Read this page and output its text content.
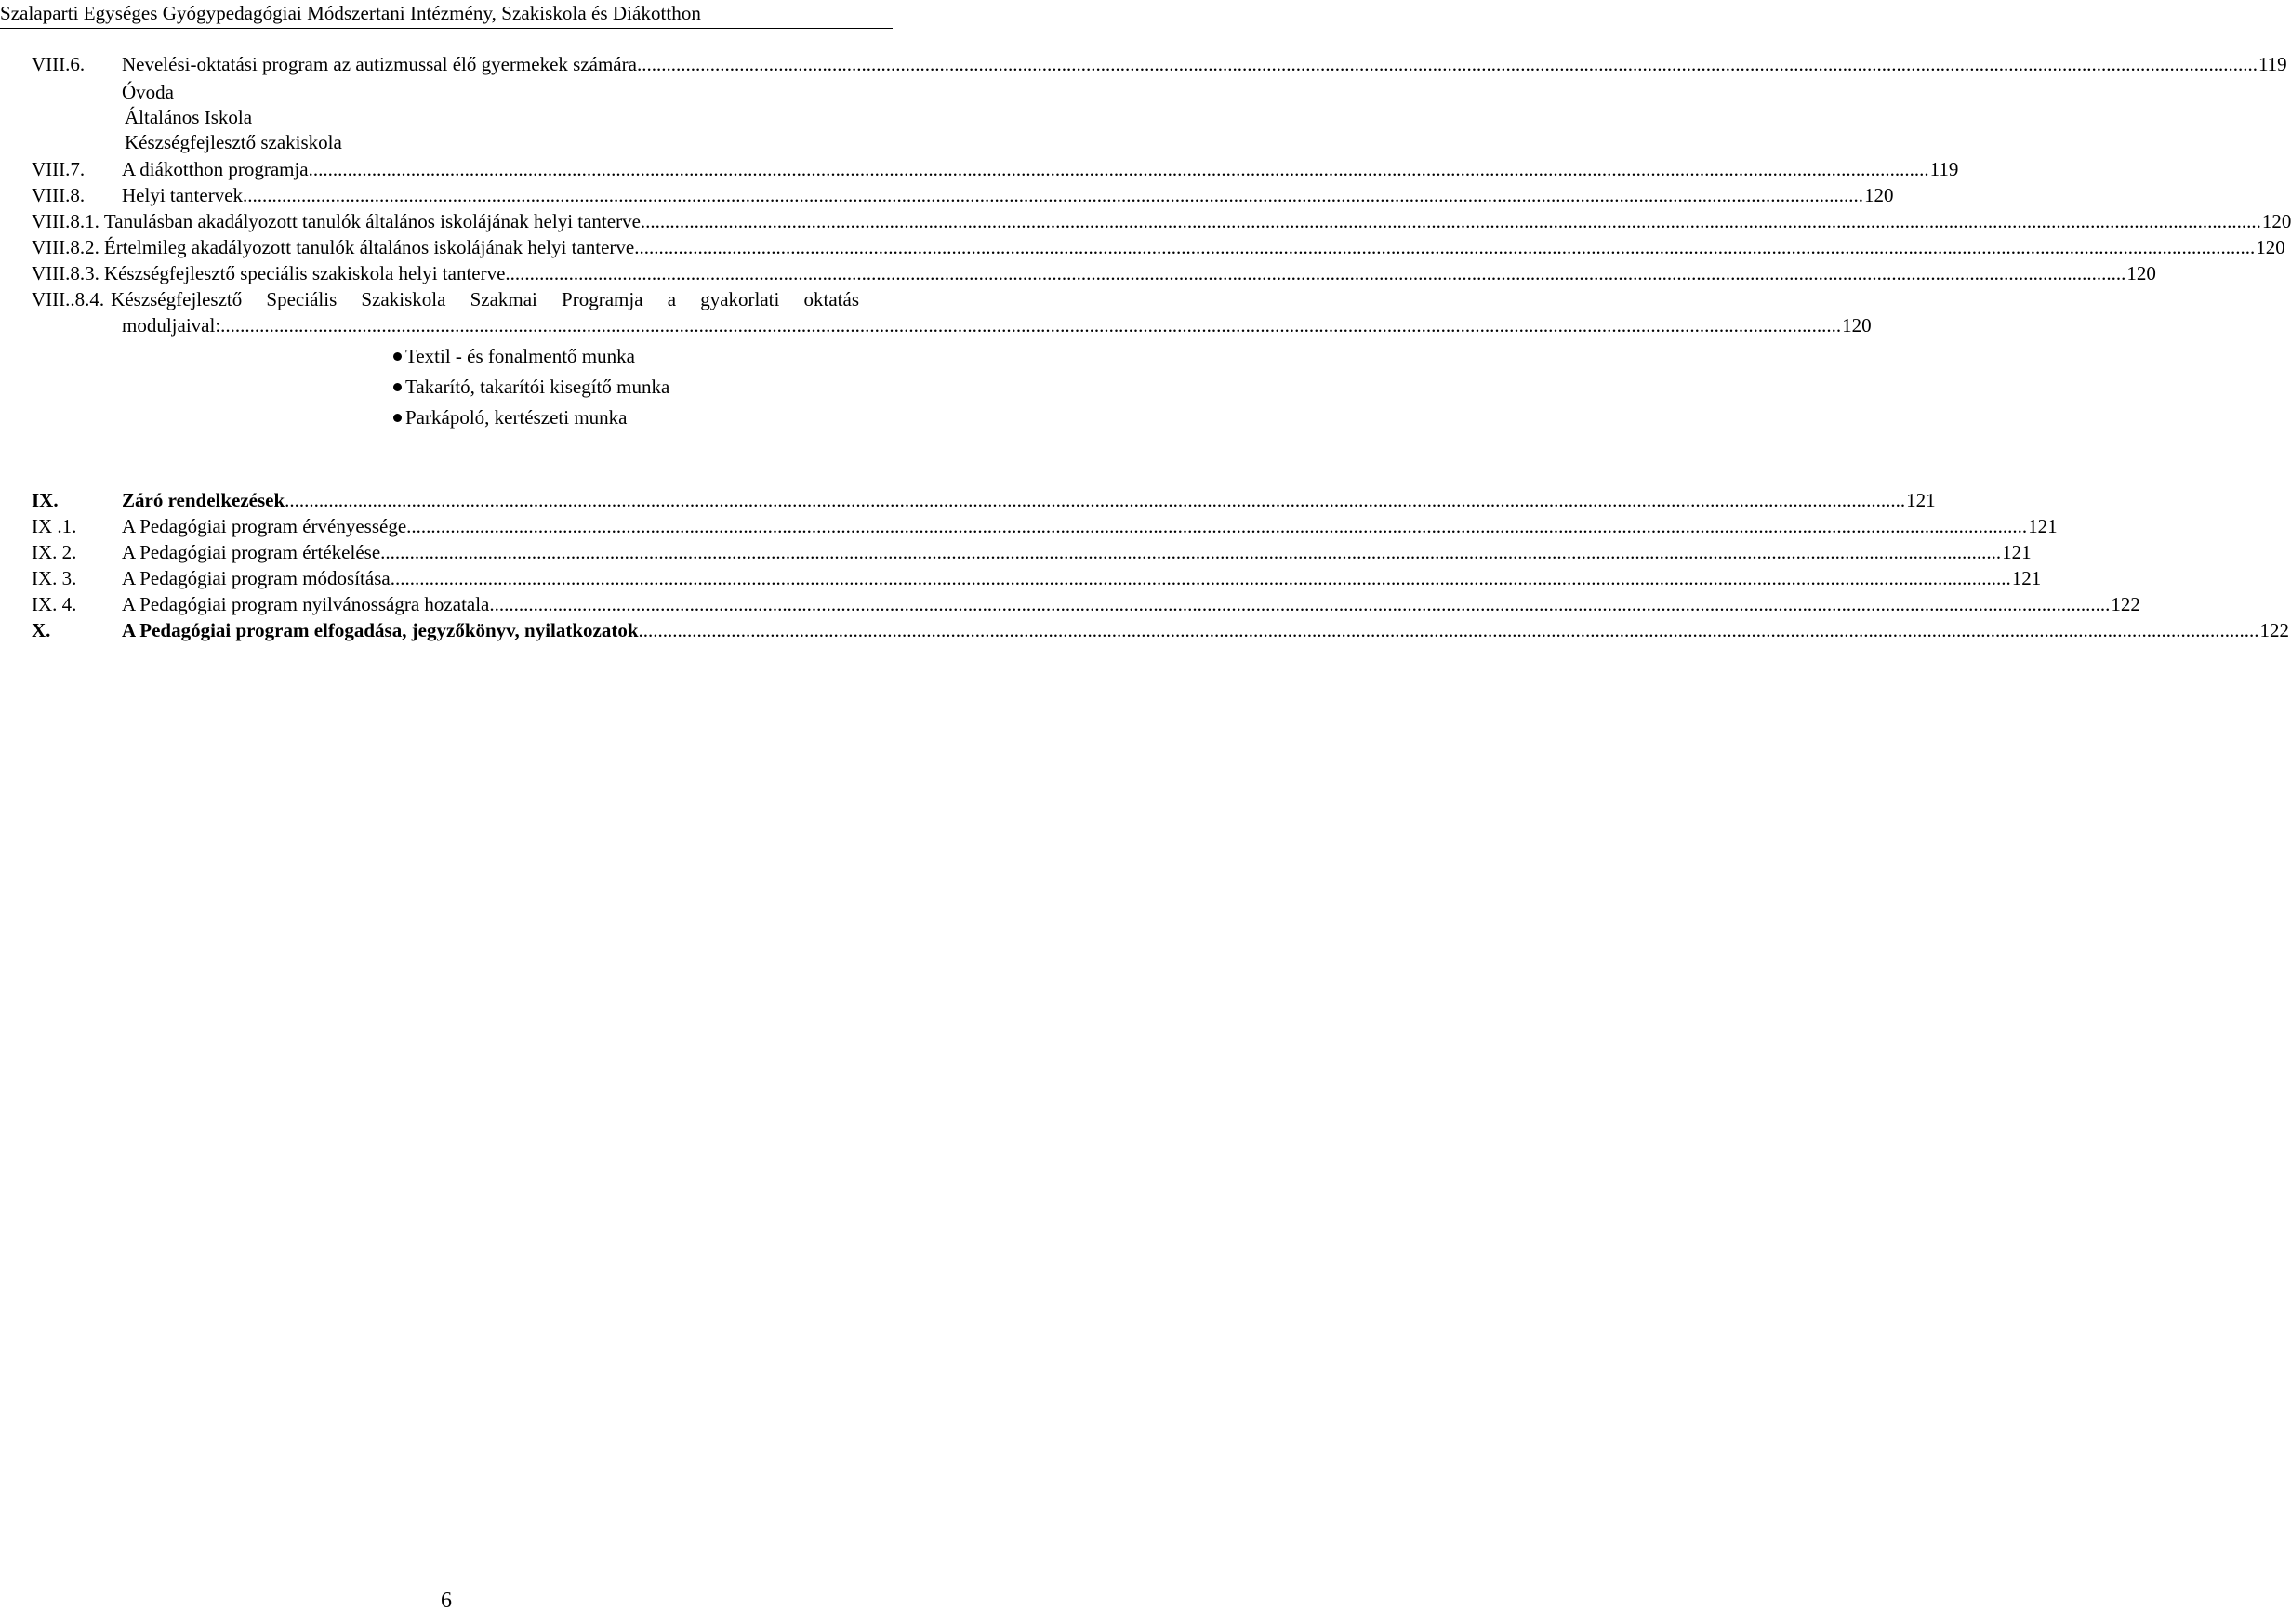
Szalaparti Egységes Gyógypedagógiai Módszertani Intézmény, Szakiskola és Diákotthon
VIII.6.	Nevelési-oktatási program az autizmussal élő gyermekek számára .....	119
Óvoda
Általános Iskola
Készségfejlesztő szakiskola
VIII.7.	A diákotthon programja .....	119
VIII.8.	Helyi tantervek .....	120
VIII.8.1. Tanulásban akadályozott tanulók általános iskolájának helyi tanterve .....	120
VIII.8.2. Értelmileg akadályozott tanulók általános iskolájának helyi tanterve .....	120
VIII.8.3. Készségfejlesztő speciális szakiskola helyi tanterve .....	120
VIII..8.4. Készségfejlesztő Speciális Szakiskola Szakmai Programja a gyakorlati oktatás
moduljaival: .....	120
Textil - és fonalmentő munka
Takarító, takarítói kisegítő munka
Parkápoló, kertészeti munka
IX.	Záró rendelkezések .....	121
IX .1.	A Pedagógiai program érvényessége .....	121
IX. 2.	A Pedagógiai program értékelése .....	121
IX. 3.	A Pedagógiai program módosítása .....	121
IX. 4.	A Pedagógiai program nyilvánosságra hozatala .....	122
X.	A Pedagógiai program elfogadása, jegyzőkönyv, nyilatkozatok .....	122
6
